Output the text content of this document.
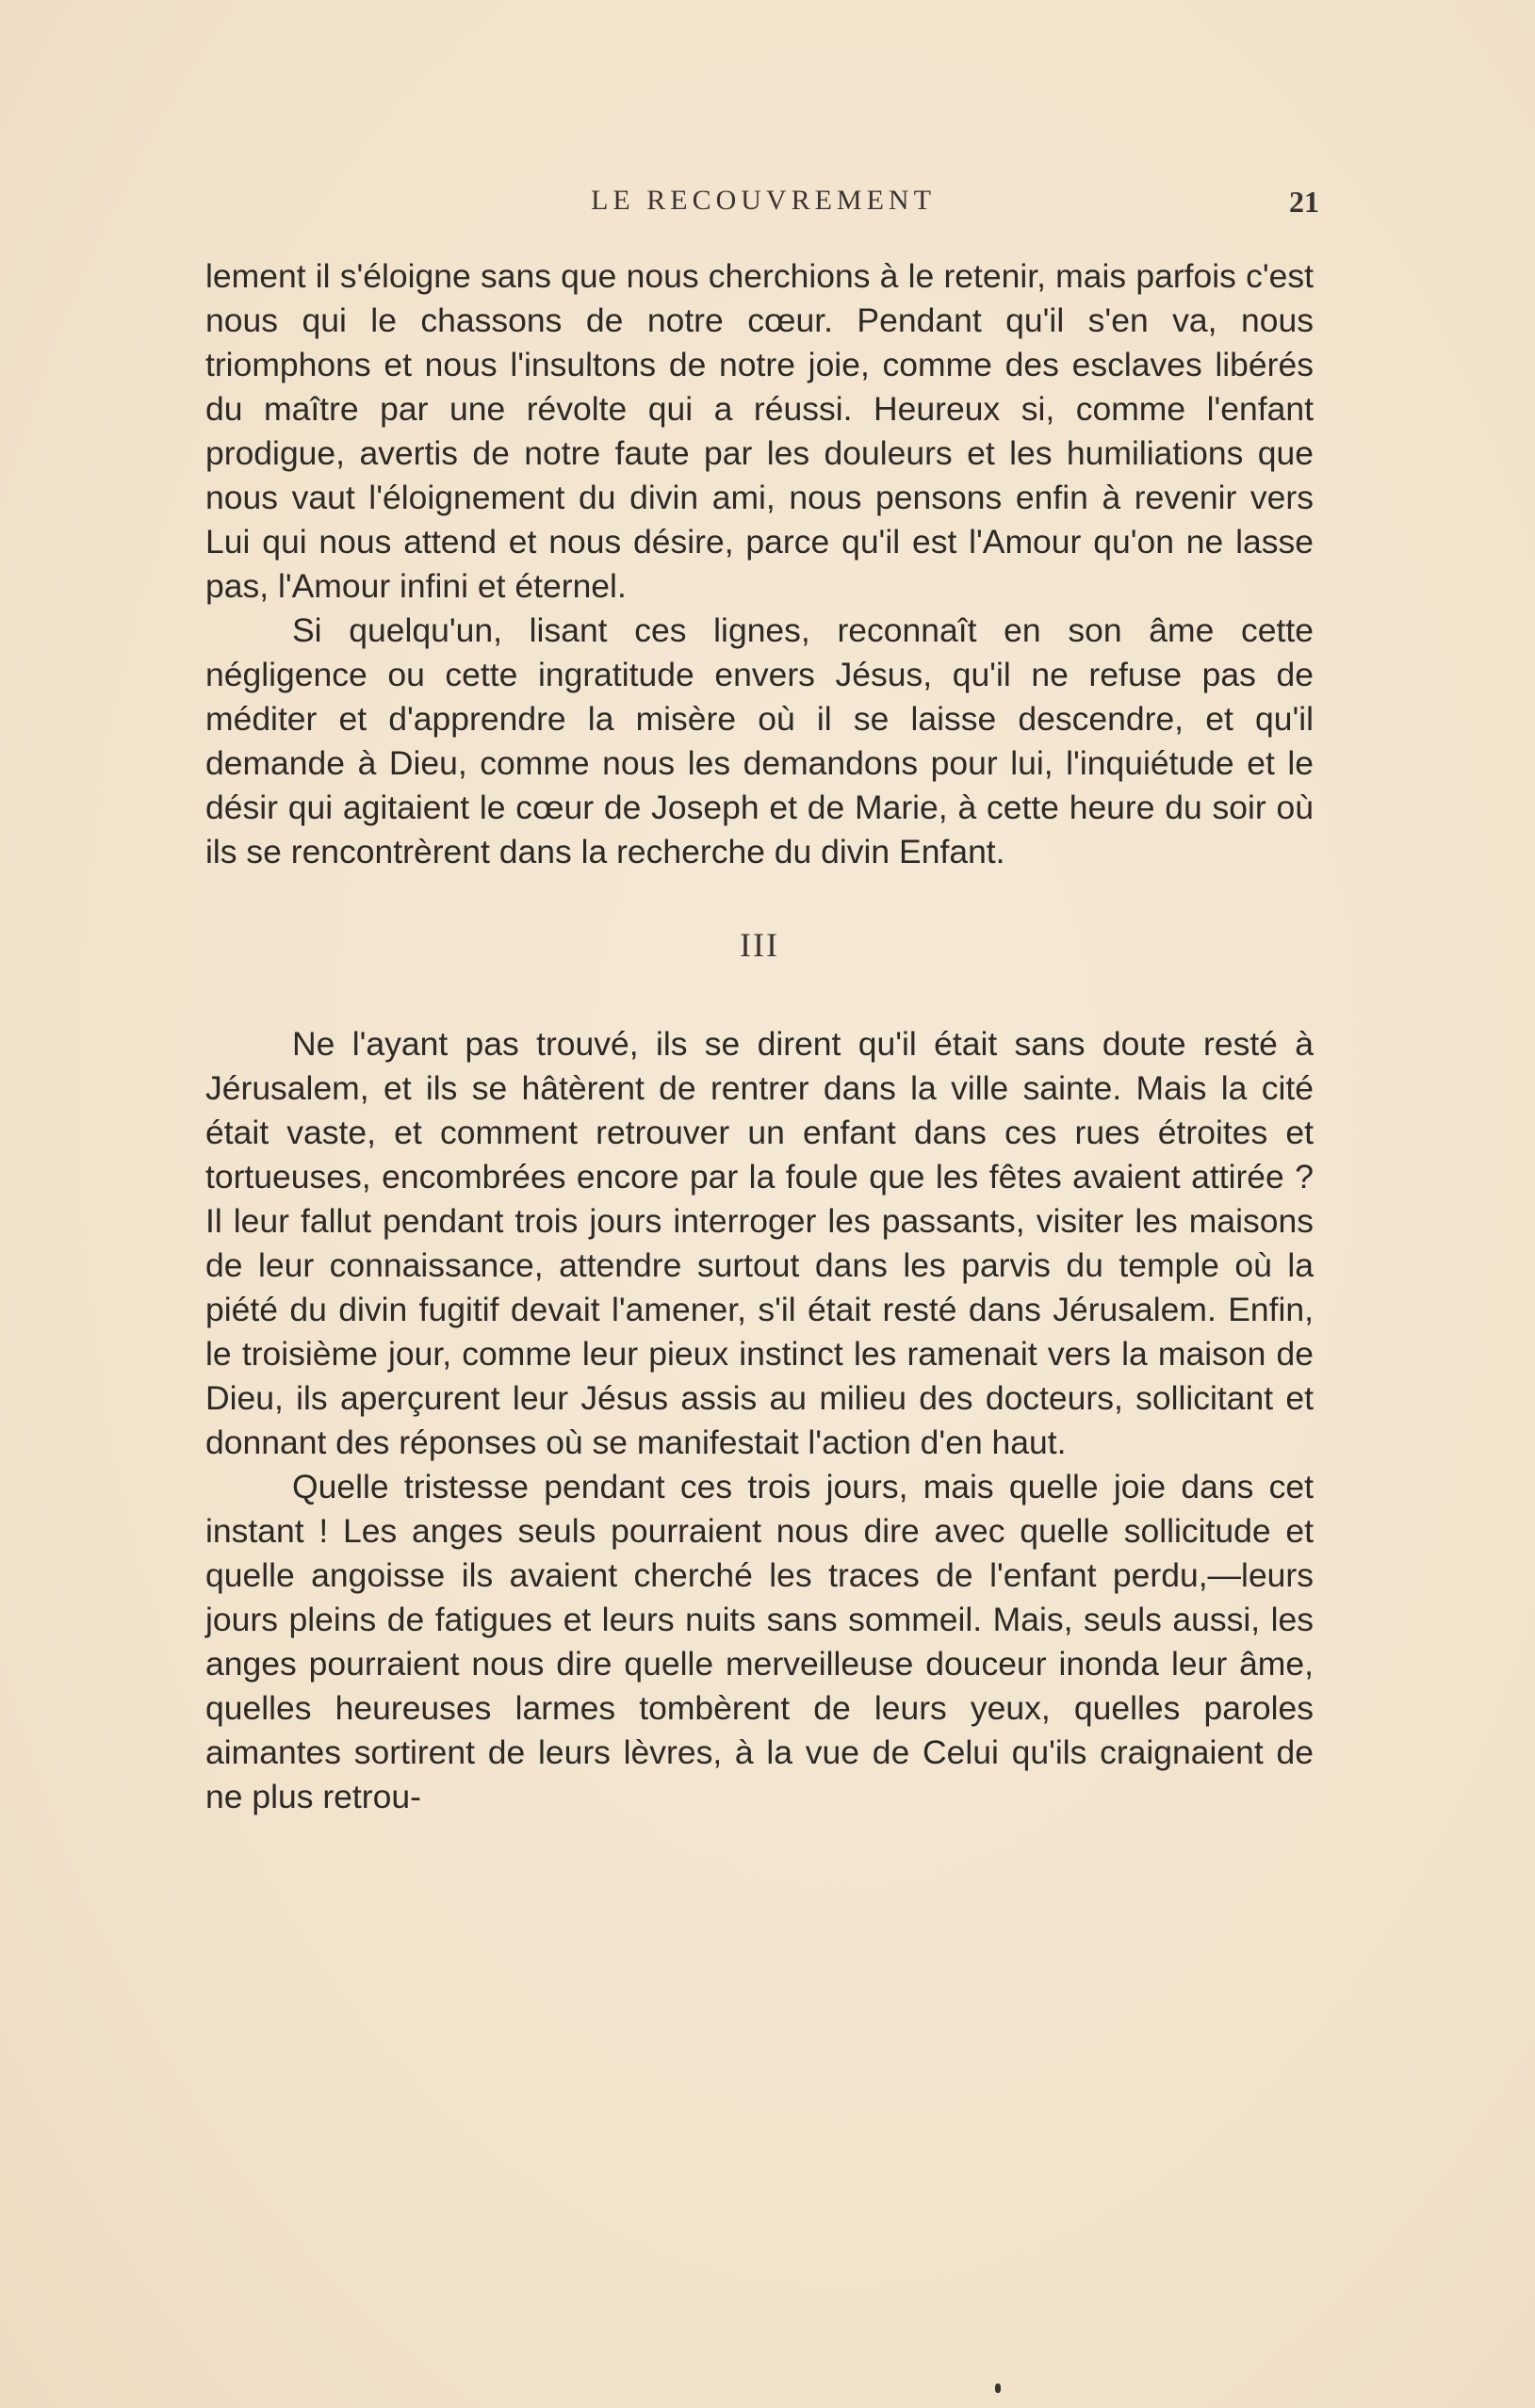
LE RECOUVREMENT	21

lement il s'éloigne sans que nous cherchions à le retenir, mais parfois c'est nous qui le chassons de notre cœur. Pendant qu'il s'en va, nous triomphons et nous l'insultons de notre joie, comme des esclaves libérés du maître par une révolte qui a réussi. Heureux si, comme l'enfant prodigue, avertis de notre faute par les douleurs et les humiliations que nous vaut l'éloignement du divin ami, nous pensons enfin à revenir vers Lui qui nous attend et nous désire, parce qu'il est l'Amour qu'on ne lasse pas, l'Amour infini et éternel.

Si quelqu'un, lisant ces lignes, reconnaît en son âme cette négligence ou cette ingratitude envers Jésus, qu'il ne refuse pas de méditer et d'apprendre la misère où il se laisse descendre, et qu'il demande à Dieu, comme nous les demandons pour lui, l'inquiétude et le désir qui agitaient le cœur de Joseph et de Marie, à cette heure du soir où ils se rencontrèrent dans la recherche du divin Enfant.

III

Ne l'ayant pas trouvé, ils se dirent qu'il était sans doute resté à Jérusalem, et ils se hâtèrent de rentrer dans la ville sainte. Mais la cité était vaste, et comment retrouver un enfant dans ces rues étroites et tortueuses, encombrées encore par la foule que les fêtes avaient attirée ? Il leur fallut pendant trois jours interroger les passants, visiter les maisons de leur connaissance, attendre surtout dans les parvis du temple où la piété du divin fugitif devait l'amener, s'il était resté dans Jérusalem. Enfin, le troisième jour, comme leur pieux instinct les ramenait vers la maison de Dieu, ils aperçurent leur Jésus assis au milieu des docteurs, sollicitant et donnant des réponses où se manifestait l'action d'en haut.

Quelle tristesse pendant ces trois jours, mais quelle joie dans cet instant ! Les anges seuls pourraient nous dire avec quelle sollicitude et quelle angoisse ils avaient cherché les traces de l'enfant perdu,—leurs jours pleins de fatigues et leurs nuits sans sommeil. Mais, seuls aussi, les anges pourraient nous dire quelle merveilleuse douceur inonda leur âme, quelles heureuses larmes tombèrent de leurs yeux, quelles paroles aimantes sortirent de leurs lèvres, à la vue de Celui qu'ils craignaient de ne plus retrou-
